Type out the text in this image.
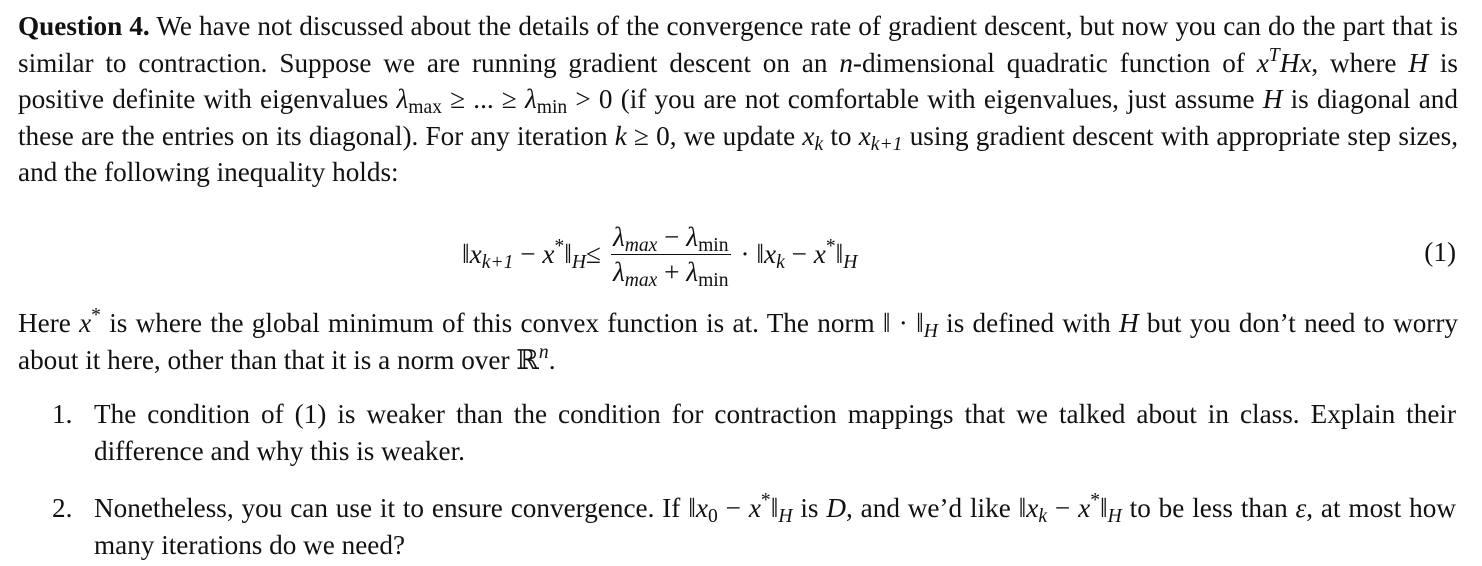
Question 4. We have not discussed about the details of the convergence rate of gradient descent, but now you can do the part that is similar to contraction. Suppose we are running gradient descent on an n-dimensional quadratic function of $x^THx$, where H is positive definite with eigenvalues $\lambda_{max}$ ≥ ... ≥ $\lambda_{min} > 0$ (if you are not comfortable with eigenvalues, just assume H is diagonal and these are the entries on its diagonal). For any iteration k ≥ 0, we update $x_k$ to $x_{k+1}$ using gradient descent with appropriate step sizes, and the following inequality holds:

$‖x_{k+1}$ − $x^*‖_H \le \frac{\lambda_{max} - \lambda_{min}}{\lambda_{max} + \lambda_{min}}$ · $‖x_k$ − $x^*‖_H$	(1)

Here x* is where the global minimum of this convex function is at. The norm ‖ · $‖_H$ is defined with H but you don’t need to worry about it here, other than that it is a norm over ℝ$^n$.

1. The condition of (1) is weaker than the condition for contraction mappings that we talked about in class. Explain their difference and why this is weaker.
2. Nonetheless, you can use it to ensure convergence. If $‖x_0$ − $x^*‖_H$ is D, and we’d like $‖x_k$ − $x^*‖_H$ to be less than ε, at most how many iterations do we need?
